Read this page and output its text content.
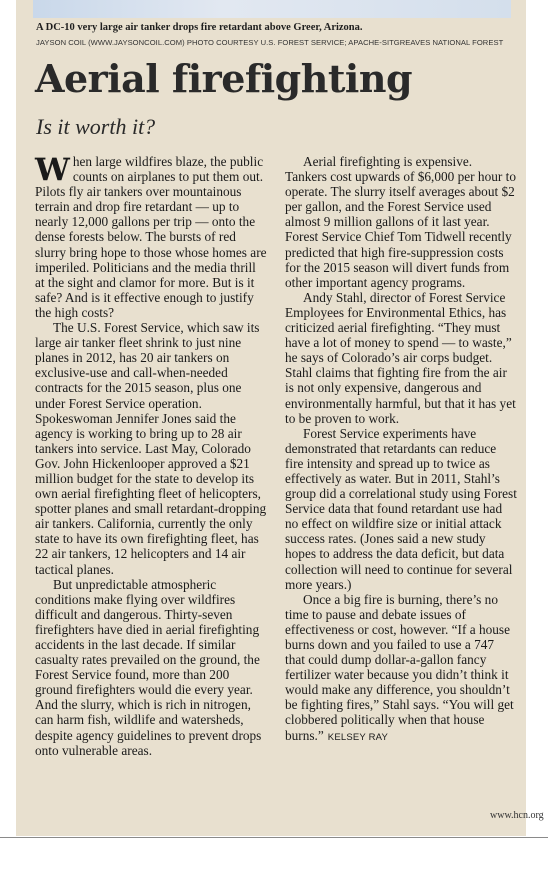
A DC-10 very large air tanker drops fire retardant above Greer, Arizona.
JAYSON COIL (WWW.JAYSONCOIL.COM) PHOTO COURTESY U.S. FOREST SERVICE; APACHE-SITGREAVES NATIONAL FOREST
Aerial firefighting
Is it worth it?

When large wildfires blaze, the public counts on airplanes to put them out. Pilots fly air tankers over mountainous terrain and drop fire retardant — up to nearly 12,000 gallons per trip — onto the dense forests below. The bursts of red slurry bring hope to those whose homes are imperiled. Politicians and the media thrill at the sight and clamor for more. But is it safe? And is it effective enough to justify the high costs?

The U.S. Forest Service, which saw its large air tanker fleet shrink to just nine planes in 2012, has 20 air tankers on exclusive-use and call-when-needed contracts for the 2015 season, plus one under Forest Service operation. Spokeswoman Jennifer Jones said the agency is working to bring up to 28 air tankers into service. Last May, Colorado Gov. John Hickenlooper approved a $21 million budget for the state to develop its own aerial firefighting fleet of helicopters, spotter planes and small retardant-dropping air tankers. California, currently the only state to have its own firefighting fleet, has 22 air tankers, 12 helicopters and 14 air tactical planes.

But unpredictable atmospheric conditions make flying over wildfires difficult and dangerous. Thirty-seven firefighters have died in aerial firefighting accidents in the last decade. If similar casualty rates prevailed on the ground, the Forest Service found, more than 200 ground firefighters would die every year. And the slurry, which is rich in nitrogen, can harm fish, wildlife and watersheds, despite agency guidelines to prevent drops onto vulnerable areas.

Aerial firefighting is expensive. Tankers cost upwards of $6,000 per hour to operate. The slurry itself averages about $2 per gallon, and the Forest Service used almost 9 million gallons of it last year. Forest Service Chief Tom Tidwell recently predicted that high fire-suppression costs for the 2015 season will divert funds from other important agency programs.

Andy Stahl, director of Forest Service Employees for Environmental Ethics, has criticized aerial firefighting. “They must have a lot of money to spend — to waste,” he says of Colorado’s air corps budget. Stahl claims that fighting fire from the air is not only expensive, dangerous and environmentally harmful, but that it has yet to be proven to work.

Forest Service experiments have demonstrated that retardants can reduce fire intensity and spread up to twice as effectively as water. But in 2011, Stahl’s group did a correlational study using Forest Service data that found retardant use had no effect on wildfire size or initial attack success rates. (Jones said a new study hopes to address the data deficit, but data collection will need to continue for several more years.)

Once a big fire is burning, there’s no time to pause and debate issues of effectiveness or cost, however. “If a house burns down and you failed to use a 747 that could dump dollar-a-gallon fancy fertilizer water because you didn’t think it would make any difference, you shouldn’t be fighting fires,” Stahl says. “You will get clobbered politically when that house burns.” KELSEY RAY

www.hcn.org
